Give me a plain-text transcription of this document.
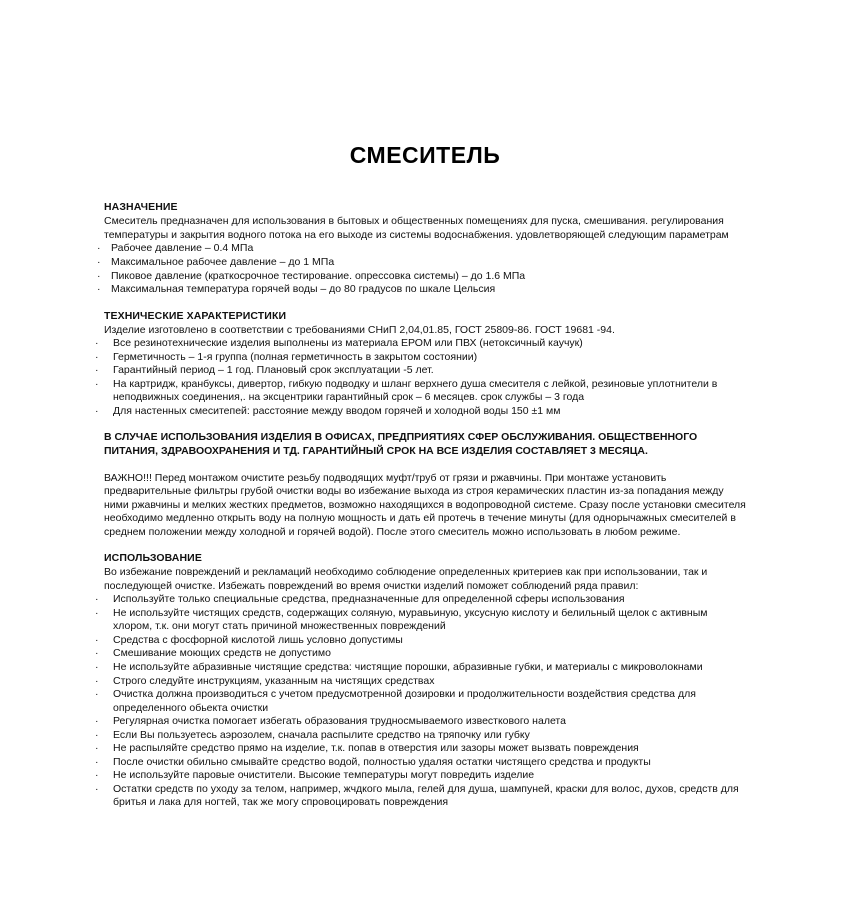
СМЕСИТЕЛЬ
НАЗНАЧЕНИЕ

Смеситель предназначен для использования в бытовых и общественных помещениях для пуска, смешивания. регулирования температуры и закрытия водного потока на его выходе из системы водоснабжения. удовлетворяющей следующим параметрам

· Рабочее давление – 0.4 МПа
· Максимальное рабочее давление – до 1 МПа
· Пиковое давление (краткосрочное тестирование. опрессовка системы) – до 1.6 МПа
· Максимальная температура горячей воды – до 80 градусов по шкале Цельсия
ТЕХНИЧЕСКИЕ ХАРАКТЕРИСТИКИ

Изделие изготовлено в соответствии с требованиями СНиП 2,04,01.85, ГОСТ 25809-86. ГОСТ 19681 -94.

· Все резинотехнические изделия выполнены из материала ЕРОМ или ПВХ (нетоксичный каучук)
· Герметичность – 1-я группа (полная герметичность в закрытом состоянии)
· Гарантийный период – 1 год. Плановый срок эксплуатации -5 лет.
· На картридж, кранбуксы, дивертор, гибкую подводку и шланг верхнего душа смесителя с лейкой, резиновые уплотнители в неподвижных соединения,. на эксцентрики гарантийный срок – 6 месяцев. срок службы – 3 года
· Для настенных смеситепей: расстояние между вводом горячей и холодной воды 150 ±1 мм

В СЛУЧАЕ ИСПОЛЬЗОВАНИЯ ИЗДЕЛИЯ В ОФИСАХ, ПРЕДПРИЯТИЯХ СФЕР ОБСЛУЖИВАНИЯ. ОБЩЕСТВЕННОГО ПИТАНИЯ, ЗДРАВООХРАНЕНИЯ И ТД. ГАРАНТИЙНЫЙ СРОК НА ВСЕ ИЗДЕЛИЯ СОСТАВЛЯЕТ 3 МЕСЯЦА.

ВАЖНО!!! Перед монтажом очистите резьбу подводящих муфт/труб от грязи и ржавчины. При монтаже установить предварительные фильтры грубой очистки воды во избежание выхода из строя керамических пластин из-за попадания между ними ржавчины и мелких жестких предметов, возможно находящихся в водопроводной системе. Сразу после установки смесителя необходимо медленно открыть воду на полную мощность и дать ей протечь в течение минуты (для однорычажных смесителей в среднем положении между холодной и горячей водой). После этого смеситель можно использовать в любом режиме.

ИСПОЛЬЗОВАНИЕ

Во избежание повреждений и рекламаций необходимо соблюдение определенных критериев как при использовании, так и последующей очистке. Избежать повреждений во время очистки изделий поможет соблюдений ряда правил:

· Используйте только специальные средства, предназначенные для определенной сферы использования
· Не используйте чистящих средств, содержащих соляную, муравьиную, уксусную кислоту и белильный щелок с активным хлором, т.к. они могут стать причиной множественных повреждений
· Средства с фосфорной кислотой лишь условно допустимы
· Смешивание моющих средств не допустимо
· Не используйте абразивные чистящие средства: чистящие порошки, абразивные губки, и материалы с микроволокнами
· Строго следуйте инструкциям, указанным на чистящих средствах
· Очистка должна производиться с учетом предусмотренной дозировки и продолжительности воздействия средства для определенного обьекта очистки
· Регулярная очистка помогает избегать образования трудносмываемого известкового налета
· Если Вы пользуетесь аэрозолем, сначала распылите средство на тряпочку или губку
· Не распыляйте средство прямо на изделие, т.к. попав в отверстия или зазоры может вызвать повреждения
· После очистки обильно смывайте средство водой, полностью удаляя остатки чистящего средства и продукты
· Не используйте паровые очистители. Высокие температуры могут повредить изделие
· Остатки средств по уходу за телом, например, жчдкого мыла, гелей для душа, шампуней, краски для волос, духов, средств для бритья и лака для ногтей, так же могу спровоцировать повреждения
